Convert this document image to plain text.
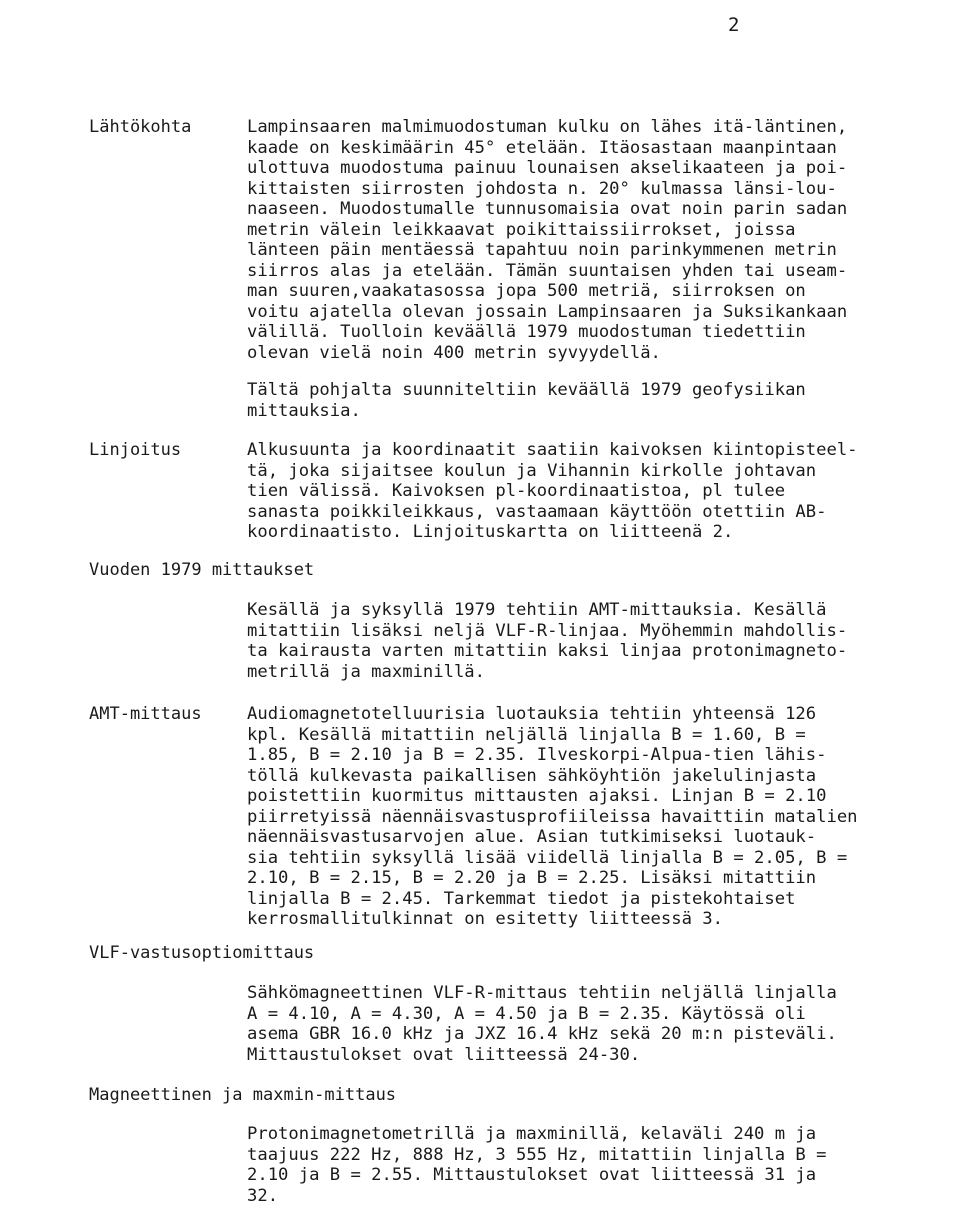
2
Lähtökohta	Lampinsaaren malmimuodostuman kulku on lähes itä-läntinen,
kaade on keskimäärin 45° etelään. Itäosastaan maanpintaan
ulottuva muodostuma painuu lounaisen akselikaateen ja poi-
kittaisten siirrosten johdosta n. 20° kulmassa länsi-lou-
naaseen. Muodostumalle tunnusomaisia ovat noin parin sadan
metrin välein leikkaavat poikittaissiirrokset, joissa
länteen päin mentäessä tapahtuu noin parinkymmenen metrin
siirros alas ja etelään. Tämän suuntaisen yhden tai useam-
man suuren,vaakatasossa jopa 500 metriä, siirroksen on
voitu ajatella olevan jossain Lampinsaaren ja Suksikankaan
välillä. Tuolloin keväällä 1979 muodostuman tiedettiin
olevan vielä noin 400 metrin syvyydellä.
Tältä pohjalta suunniteltiin keväällä 1979 geofysiikan
mittauksia.
Linjoitus	Alkusuunta ja koordinaatit saatiin kaivoksen kiintopisteel-
tä, joka sijaitsee koulun ja Vihannin kirkolle johtavan
tien välissä. Kaivoksen pl-koordinaatistoa, pl tulee
sanasta poikkileikkaus, vastaamaan käyttöön otettiin AB-
koordinaatisto. Linjoituskartta on liitteenä 2.
Vuoden 1979 mittaukset
Kesällä ja syksyllä 1979 tehtiin AMT-mittauksia. Kesällä
mitattiin lisäksi neljä VLF-R-linjaa. Myöhemmin mahdollis-
ta kairausta varten mitattiin kaksi linjaa protonimagneto-
metrillä ja maxminillä.
AMT-mittaus	Audiomagnetotelluurisia luotauksia tehtiin yhteensä 126
kpl. Kesällä mitattiin neljällä linjalla B = 1.60, B =
1.85, B = 2.10 ja B = 2.35. Ilveskorpi-Alpua-tien lähis-
töllä kulkevasta paikallisen sähköyhtiön jakelulinjasta
poistettiin kuormitus mittausten ajaksi. Linjan B = 2.10
piirretyissä näennäisvastusprofiileissa havaittiin matalien
näennäisvastusarvojen alue. Asian tutkimiseksi luotauk-
sia tehtiin syksyllä lisää viidellä linjalla B = 2.05, B =
2.10, B = 2.15, B = 2.20 ja B = 2.25. Lisäksi mitattiin
linjalla B = 2.45. Tarkemmat tiedot ja pistekohtaiset
kerrosmallitulkinnat on esitetty liitteessä 3.
VLF-vastusoptiomittaus
Sähkömagneettinen VLF-R-mittaus tehtiin neljällä linjalla
A = 4.10, A = 4.30, A = 4.50 ja B = 2.35. Käytössä oli
asema GBR 16.0 kHz ja JXZ 16.4 kHz sekä 20 m:n pisteväli.
Mittaustulokset ovat liitteessä 24-30.
Magneettinen ja maxmin-mittaus
Protonimagnetometrillä ja maxminillä, kelaväli 240 m ja
taajuus 222 Hz, 888 Hz, 3 555 Hz, mitattiin linjalla B =
2.10 ja B = 2.55. Mittaustulokset ovat liitteessä 31 ja
32.
